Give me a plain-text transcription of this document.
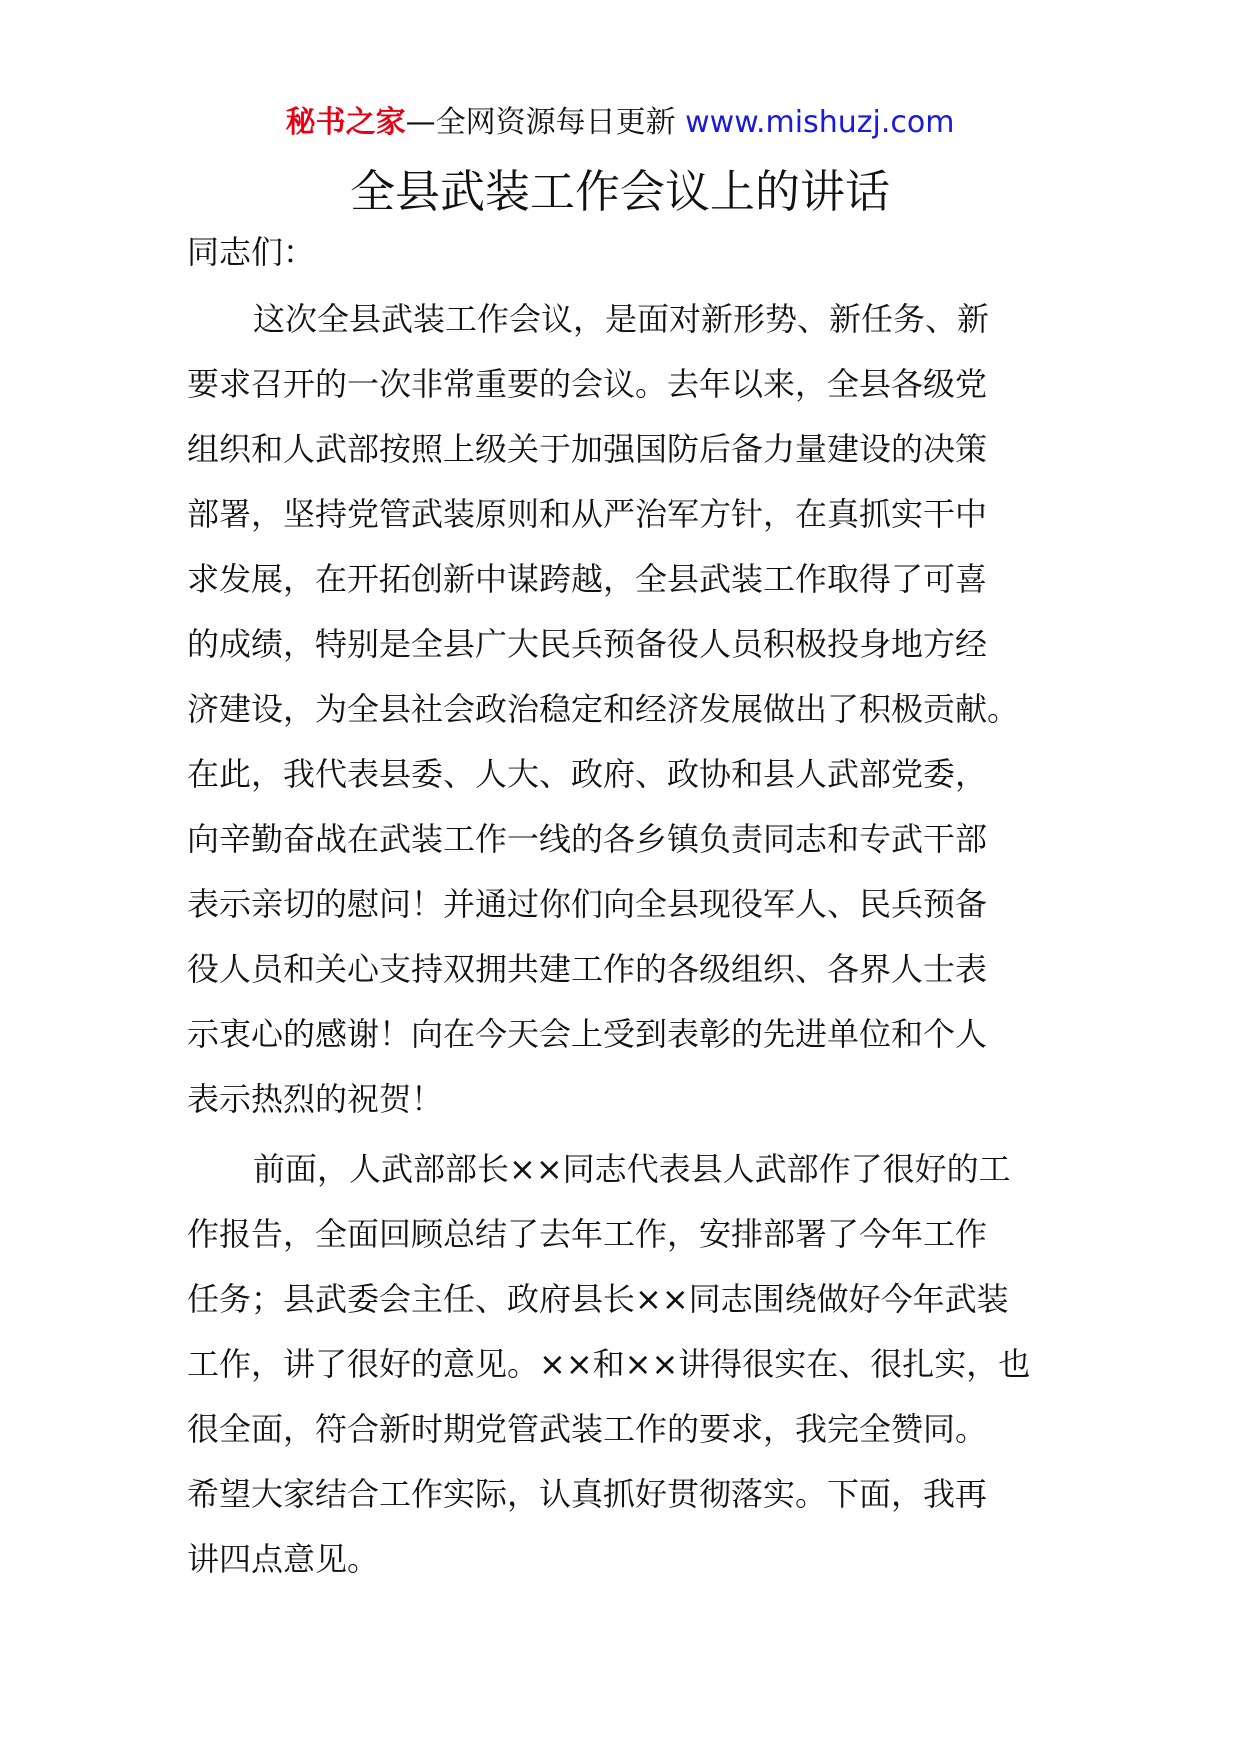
秘书之家—全网资源每日更新 www.mishuzj.com
全县武装工作会议上的讲话

同志们：

这次全县武装工作会议，是面对新形势、新任务、新
要求召开的一次非常重要的会议。去年以来，全县各级党
组织和人武部按照上级关于加强国防后备力量建设的决策
部署，坚持党管武装原则和从严治军方针，在真抓实干中
求发展，在开拓创新中谋跨越，全县武装工作取得了可喜
的成绩，特别是全县广大民兵预备役人员积极投身地方经
济建设，为全县社会政治稳定和经济发展做出了积极贡献。
在此，我代表县委、人大、政府、政协和县人武部党委，
向辛勤奋战在武装工作一线的各乡镇负责同志和专武干部
表示亲切的慰问！并通过你们向全县现役军人、民兵预备
役人员和关心支持双拥共建工作的各级组织、各界人士表
示衷心的感谢！向在今天会上受到表彰的先进单位和个人
表示热烈的祝贺！
前面，人武部部长××同志代表县人武部作了很好的工
作报告，全面回顾总结了去年工作，安排部署了今年工作
任务；县武委会主任、政府县长××同志围绕做好今年武装
工作，讲了很好的意见。××和××讲得很实在、很扎实，也
很全面，符合新时期党管武装工作的要求，我完全赞同。
希望大家结合工作实际，认真抓好贯彻落实。下面，我再
讲四点意见。
